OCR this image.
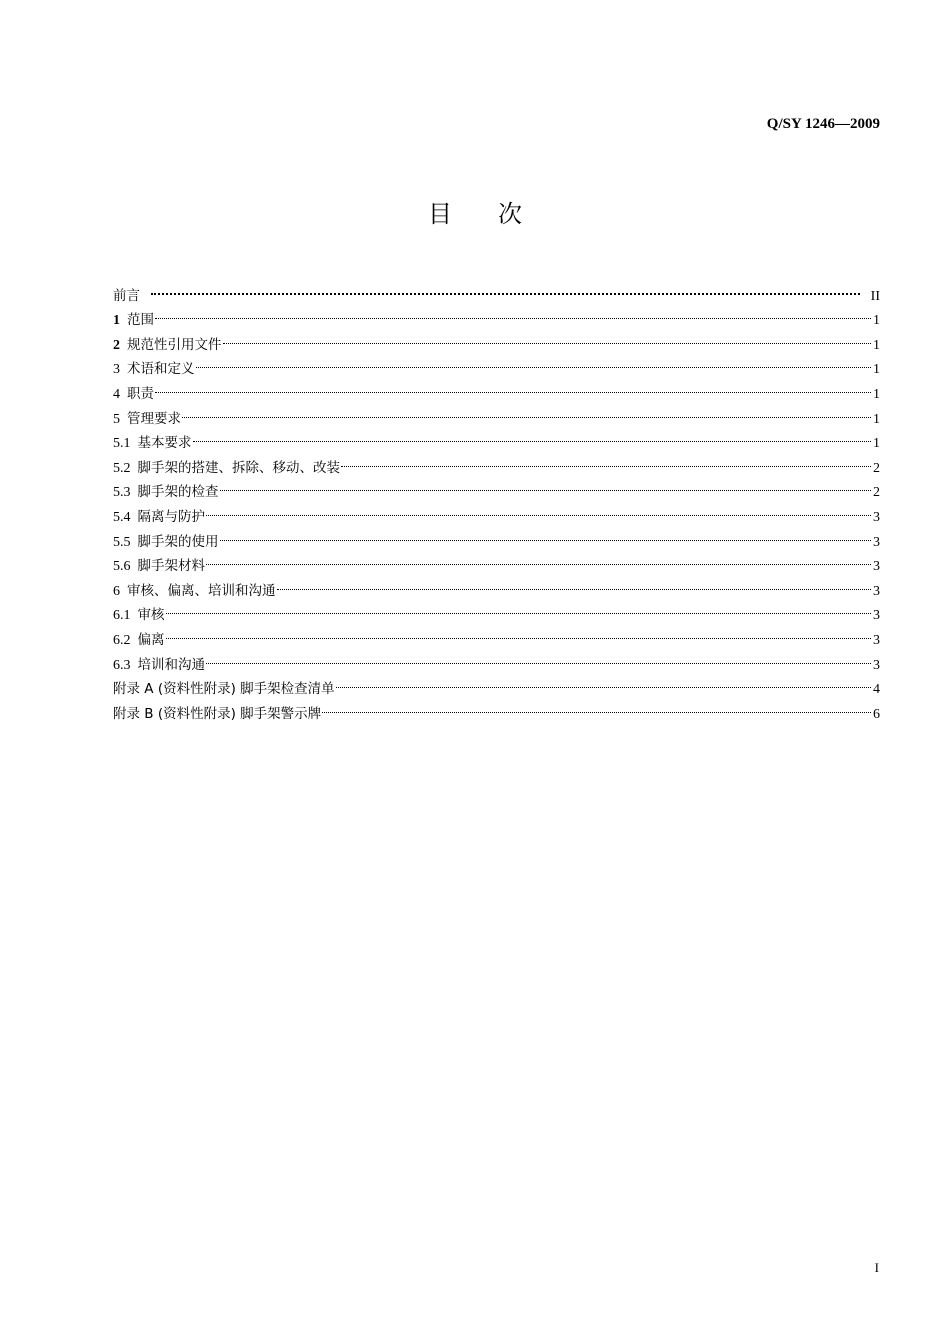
Q/SY 1246—2009
目 次
前言	II
1 范围	1
2 规范性引用文件	1
3 术语和定义	1
4 职责	1
5 管理要求	1
5.1 基本要求	1
5.2 脚手架的搭建、拆除、移动、改装	2
5.3 脚手架的检查	2
5.4 隔离与防护	3
5.5 脚手架的使用	3
5.6 脚手架材料	3
6 审核、偏离、培训和沟通	3
6.1 审核	3
6.2 偏离	3
6.3 培训和沟通	3
附录 A (资料性附录) 脚手架检查清单	4
附录 B (资料性附录) 脚手架警示牌	6
I
